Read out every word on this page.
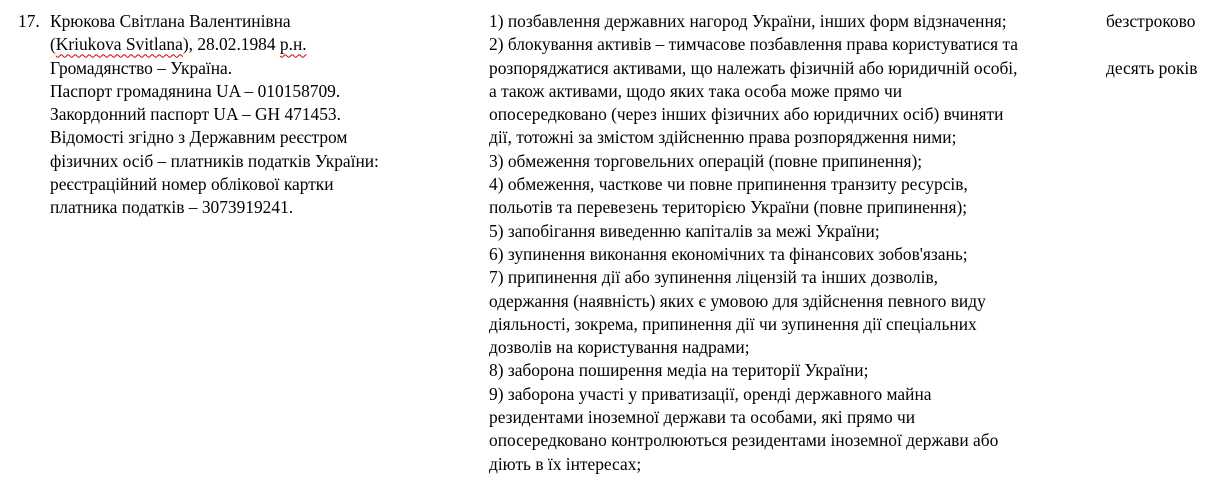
17. Крюкова Світлана Валентинівна
(Kriukova Svitlana), 28.02.1984 р.н.
Громадянство – Україна.
Паспорт громадянина UA – 010158709.
Закордонний паспорт UA – GH 471453.
Відомості згідно з Державним реєстром
фізичних осіб – платників податків України:
реєстраційний номер облікової картки
платника податків – 3073919241.
1) позбавлення державних нагород України, інших форм відзначення;
2) блокування активів – тимчасове позбавлення права користуватися та
розпоряджатися активами, що належать фізичній або юридичній особі,
а також активами, щодо яких така особа може прямо чи
опосередковано (через інших фізичних або юридичних осіб) вчиняти
дії, тотожні за змістом здійсненню права розпорядження ними;
3) обмеження торговельних операцій (повне припинення);
4) обмеження, часткове чи повне припинення транзиту ресурсів,
польотів та перевезень територією України (повне припинення);
5) запобігання виведенню капіталів за межі України;
6) зупинення виконання економічних та фінансових зобов'язань;
7) припинення дії або зупинення ліцензій та інших дозволів,
одержання (наявність) яких є умовою для здійснення певного виду
діяльності, зокрема, припинення дії чи зупинення дії спеціальних
дозволів на користування надрами;
8) заборона поширення медіа на території України;
9) заборона участі у приватизації, оренді державного майна
резидентами іноземної держави та особами, які прямо чи
опосередковано контролюються резидентами іноземної держави або
діють в їх інтересах;
безстроково
десять років
